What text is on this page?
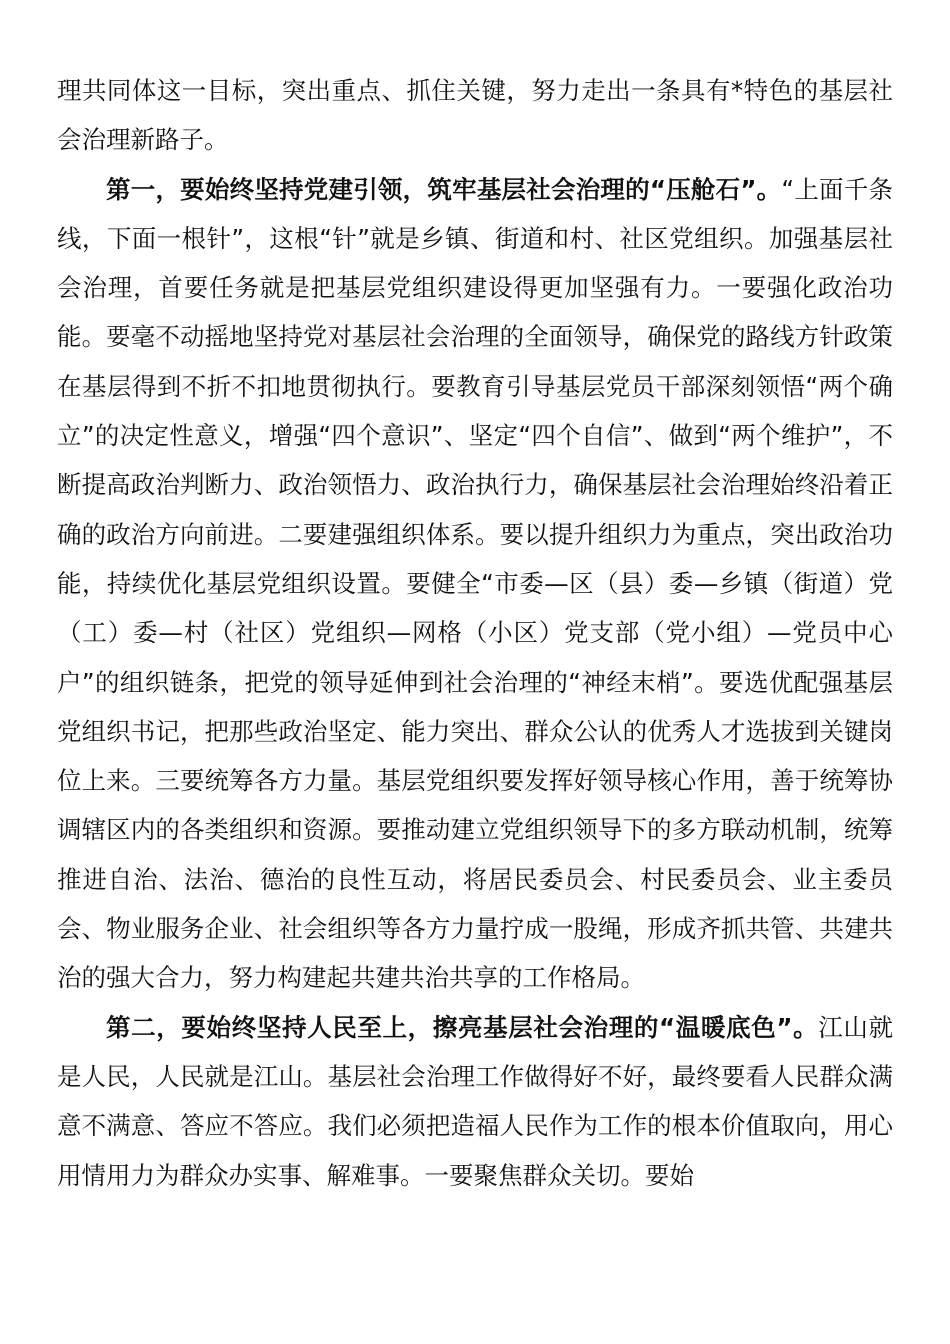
理共同体这一目标，突出重点、抓住关键，努力走出一条具有*特色的基层社会治理新路子。

第一，要始终坚持党建引领，筑牢基层社会治理的“压舱石”。“上面千条线，下面一根针”，这根“针”就是乡镇、街道和村、社区党组织。加强基层社会治理，首要任务就是把基层党组织建设得更加坚强有力。一要强化政治功能。要毫不动摇地坚持党对基层社会治理的全面领导，确保党的路线方针政策在基层得到不折不扣地贯彻执行。要教育引导基层党员干部深刻领悟“两个确立”的决定性意义，增强“四个意识”、坚定“四个自信”、做到“两个维护”，不断提高政治判断力、政治领悟力、政治执行力，确保基层社会治理始终沿着正确的政治方向前进。二要建强组织体系。要以提升组织力为重点，突出政治功能，持续优化基层党组织设置。要健全“市委—区（县）委—乡镇（街道）党（工）委—村（社区）党组织—网格（小区）党支部（党小组）—党员中心户”的组织链条，把党的领导延伸到社会治理的“神经末梢”。要选优配强基层党组织书记，把那些政治坚定、能力突出、群众公认的优秀人才选拔到关键岗位上来。三要统筹各方力量。基层党组织要发挥好领导核心作用，善于统筹协调辖区内的各类组织和资源。要推动建立党组织领导下的多方联动机制，统筹推进自治、法治、德治的良性互动，将居民委员会、村民委员会、业主委员会、物业服务企业、社会组织等各方力量拧成一股绳，形成齐抓共管、共建共治的强大合力，努力构建起共建共治共享的工作格局。

第二，要始终坚持人民至上，擦亮基层社会治理的“温暖底色”。江山就是人民，人民就是江山。基层社会治理工作做得好不好，最终要看人民群众满意不满意、答应不答应。我们必须把造福人民作为工作的根本价值取向，用心用情用力为群众办实事、解难事。一要聚焦群众关切。要始
